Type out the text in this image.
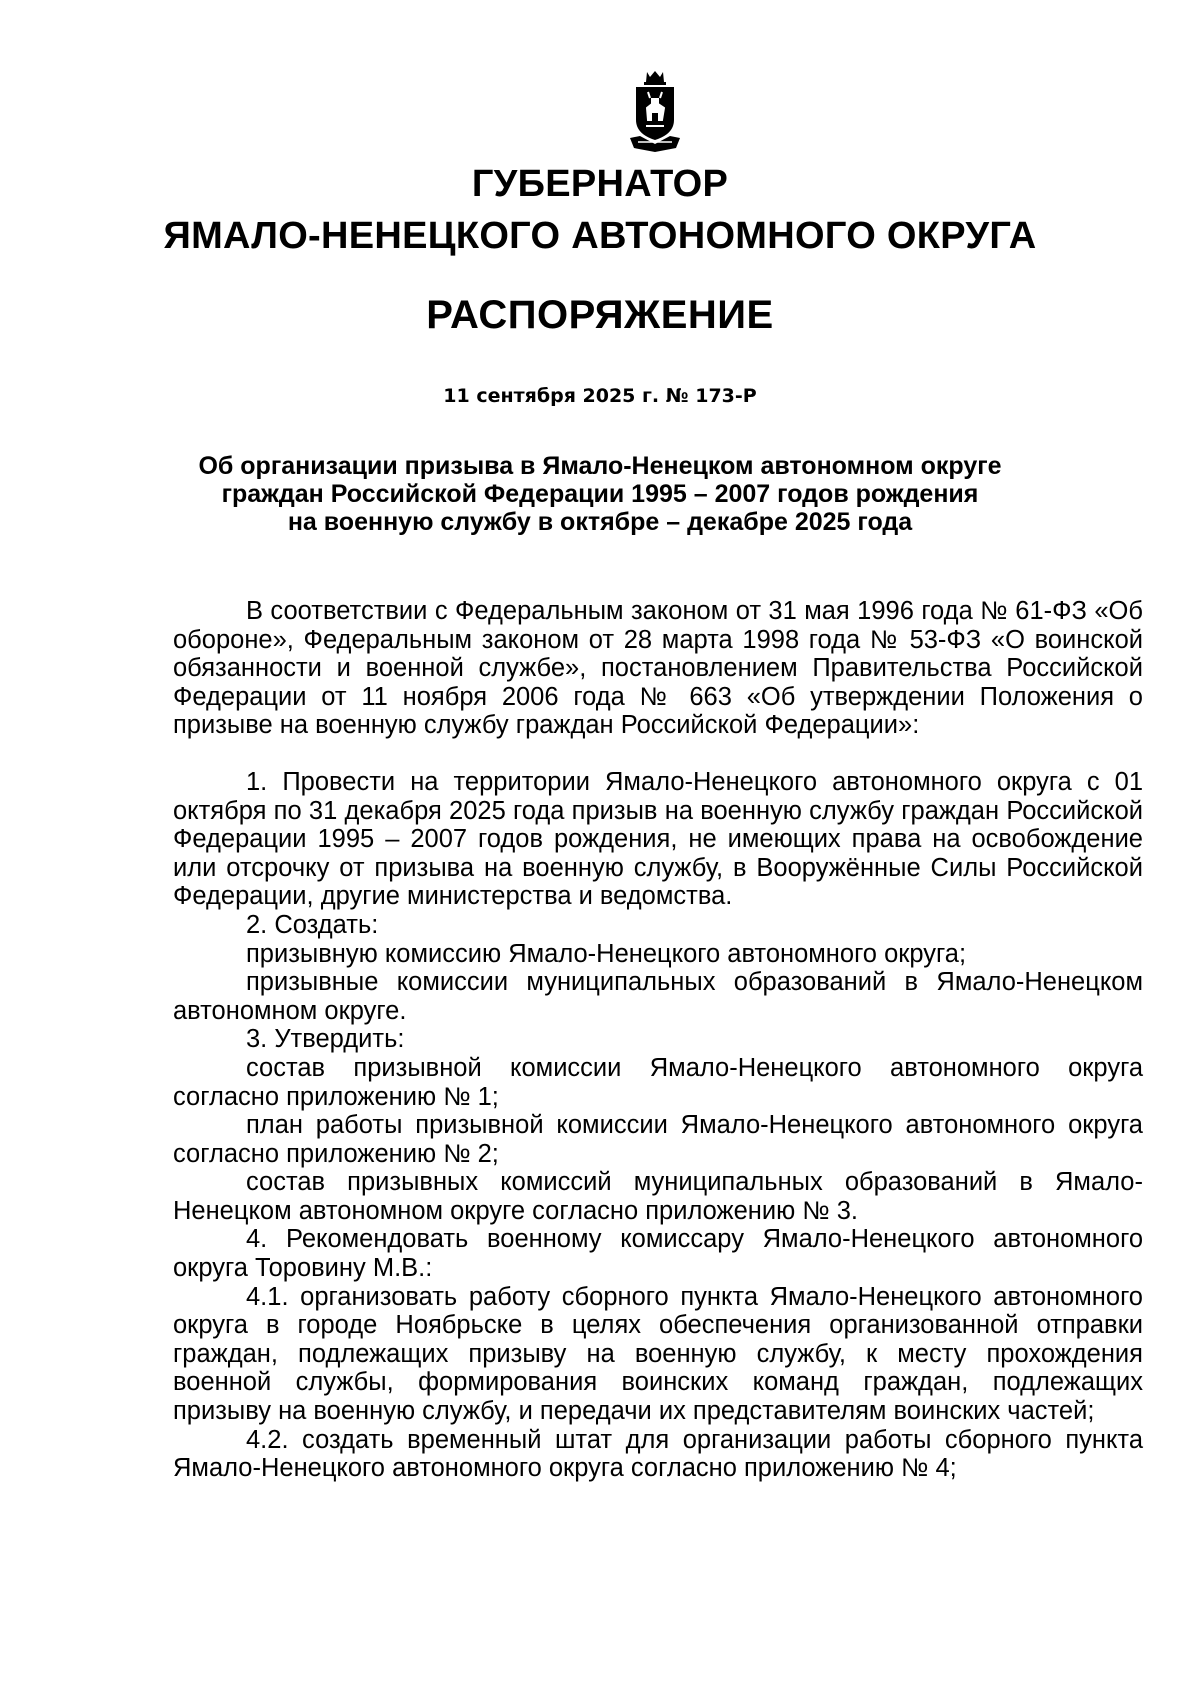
ГУБЕРНАТОР
ЯМАЛО-НЕНЕЦКОГО АВТОНОМНОГО ОКРУГА
РАСПОРЯЖЕНИЕ
11 сентября 2025 г. № 173-Р
Об организации призыва в Ямало-Ненецком автономном округе
граждан Российской Федерации 1995 – 2007 годов рождения
на военную службу в октябре – декабре 2025 года

В соответствии с Федеральным законом от 31 мая 1996 года № 61-ФЗ «Об обороне», Федеральным законом от 28 марта 1998 года № 53-ФЗ «О воинской обязанности и военной службе», постановлением Правительства Российской Федерации от 11 ноября 2006 года № 663 «Об утверждении Положения о призыве на военную службу граждан Российской Федерации»:

1. Провести на территории Ямало-Ненецкого автономного округа с 01 октября по 31 декабря 2025 года призыв на военную службу граждан Российской Федерации 1995 – 2007 годов рождения, не имеющих права на освобождение или отсрочку от призыва на военную службу, в Вооружённые Силы Российской Федерации, другие министерства и ведомства.

2. Создать:

призывную комиссию Ямало-Ненецкого автономного округа;

призывные комиссии муниципальных образований в Ямало-Ненецком автономном округе.

3. Утвердить:

состав призывной комиссии Ямало-Ненецкого автономного округа согласно приложению № 1;

план работы призывной комиссии Ямало-Ненецкого автономного округа согласно приложению № 2;

состав призывных комиссий муниципальных образований в Ямало-Ненецком автономном округе согласно приложению № 3.

4. Рекомендовать военному комиссару Ямало-Ненецкого автономного округа Торовину М.В.:

4.1. организовать работу сборного пункта Ямало-Ненецкого автономного округа в городе Ноябрьске в целях обеспечения организованной отправки граждан, подлежащих призыву на военную службу, к месту прохождения военной службы, формирования воинских команд граждан, подлежащих призыву на военную службу, и передачи их представителям воинских частей;

4.2. создать временный штат для организации работы сборного пункта Ямало-Ненецкого автономного округа согласно приложению № 4;
